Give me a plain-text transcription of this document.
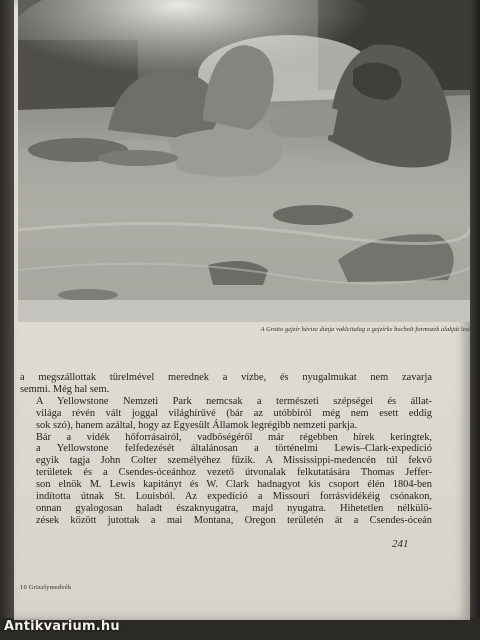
A Grotto gejzír hévize dunja vaklcitalag a gejzírke bocholt formozek alakját lesi

a megszállottak türelmével merednek a vízbe, és nyugalmukat nem zavarja
semmi. Még hal sem.

A Yellowstone Nemzeti Park nemcsak a természeti szépségei és állat-
világa révén vált joggal világhírűvé (bár az utóbbiról még nem esett eddig
sok szó), hanem azáltal, hogy az Egyesült Államok legrégibb nemzeti parkja.

Bár a vidék hőforrásairól, vadbőségéről már régebben hírek keringtek,
a Yellowstone felfedezését általánosan a történelmi Lewis–Clark-expedíció
egyik tagja John Colter személyéhez fűzik. A Mississippi-medencén túl fekvő
területek és a Csendes-óceánhoz vezető útvonalak felkutatására Thomas Jeffer-
son elnök M. Lewis kapitányt és W. Clark hadnagyot kis csoport élén 1804-ben
indította útnak St. Louisból. Az expedíció a Missouri forrásvidékéig csónakon,
onnan gyalogosan haladt északnyugatra, majd nyugatra. Hihetetlen nélkülö-
zések között jutottak a mai Montana, Oregon területén át a Csendes-óceán

241
16 Grizzlymedvék
Antikvarium.hu
